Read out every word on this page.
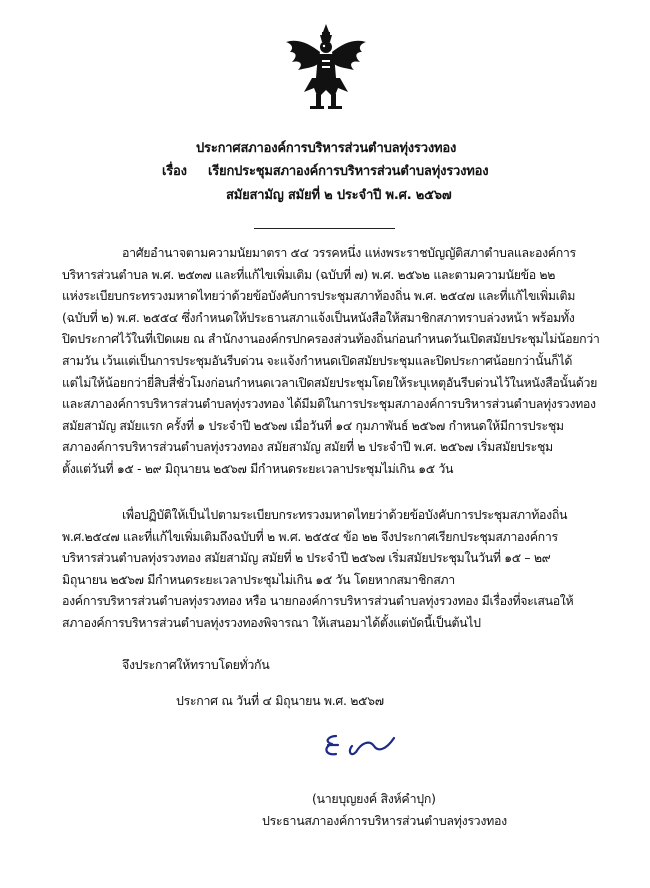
ประกาศสภาองค์การบริหารส่วนตำบลทุ่งรวงทอง
เรื่อง เรียกประชุมสภาองค์การบริหารส่วนตำบลทุ่งรวงทอง
สมัยสามัญ สมัยที่ ๒ ประจำปี พ.ศ. ๒๕๖๗
อาศัยอำนาจตามความนัยมาตรา ๕๔ วรรคหนึ่ง แห่งพระราชบัญญัติสภาตำบลและองค์การ
บริหารส่วนตำบล พ.ศ. ๒๕๓๗ และที่แก้ไขเพิ่มเติม (ฉบับที่ ๗) พ.ศ. ๒๕๖๒ และตามความนัยข้อ ๒๒
แห่งระเบียบกระทรวงมหาดไทยว่าด้วยข้อบังคับการประชุมสภาท้องถิ่น พ.ศ. ๒๕๔๗ และที่แก้ไขเพิ่มเติม
(ฉบับที่ ๒) พ.ศ. ๒๕๕๔ ซึ่งกำหนดให้ประธานสภาแจ้งเป็นหนังสือให้สมาชิกสภาทราบล่วงหน้า พร้อมทั้ง
ปิดประกาศไว้ในที่เปิดเผย ณ สำนักงานองค์กรปกครองส่วนท้องถิ่นก่อนกำหนดวันเปิดสมัยประชุมไม่น้อยกว่า
สามวัน เว้นแต่เป็นการประชุมอันรีบด่วน จะแจ้งกำหนดเปิดสมัยประชุมและปิดประกาศน้อยกว่านั้นก็ได้
แต่ไม่ให้น้อยกว่ายี่สิบสี่ชั่วโมงก่อนกำหนดเวลาเปิดสมัยประชุมโดยให้ระบุเหตุอันรีบด่วนไว้ในหนังสือนั้นด้วย
และสภาองค์การบริหารส่วนตำบลทุ่งรวงทอง ได้มีมติในการประชุมสภาองค์การบริหารส่วนตำบลทุ่งรวงทอง
สมัยสามัญ สมัยแรก ครั้งที่ ๑ ประจำปี ๒๕๖๗ เมื่อวันที่ ๑๔ กุมภาพันธ์ ๒๕๖๗ กำหนดให้มีการประชุม
สภาองค์การบริหารส่วนตำบลทุ่งรวงทอง สมัยสามัญ สมัยที่ ๒ ประจำปี พ.ศ. ๒๕๖๗ เริ่มสมัยประชุม
ตั้งแต่วันที่ ๑๕ - ๒๙ มิถุนายน ๒๕๖๗ มีกำหนดระยะเวลาประชุมไม่เกิน ๑๕ วัน
เพื่อปฏิบัติให้เป็นไปตามระเบียบกระทรวงมหาดไทยว่าด้วยข้อบังคับการประชุมสภาท้องถิ่น
พ.ศ.๒๕๔๗ และที่แก้ไขเพิ่มเติมถึงฉบับที่ ๒ พ.ศ. ๒๕๕๔ ข้อ ๒๒ จึงประกาศเรียกประชุมสภาองค์การ
บริหารส่วนตำบลทุ่งรวงทอง สมัยสามัญ สมัยที่ ๒ ประจำปี ๒๕๖๗ เริ่มสมัยประชุมในวันที่ ๑๕ – ๒๙
มิถุนายน ๒๕๖๗ มีกำหนดระยะเวลาประชุมไม่เกิน ๑๕ วัน โดยหากสมาชิกสภา
องค์การบริหารส่วนตำบลทุ่งรวงทอง หรือ นายกองค์การบริหารส่วนตำบลทุ่งรวงทอง มีเรื่องที่จะเสนอให้
สภาองค์การบริหารส่วนตำบลทุ่งรวงทองพิจารณา ให้เสนอมาได้ตั้งแต่บัดนี้เป็นต้นไป
จึงประกาศให้ทราบโดยทั่วกัน
ประกาศ ณ วันที่ ๔ มิถุนายน พ.ศ. ๒๕๖๗
(นายบุญยงค์ สิงห์คำปุก)
ประธานสภาองค์การบริหารส่วนตำบลทุ่งรวงทอง
